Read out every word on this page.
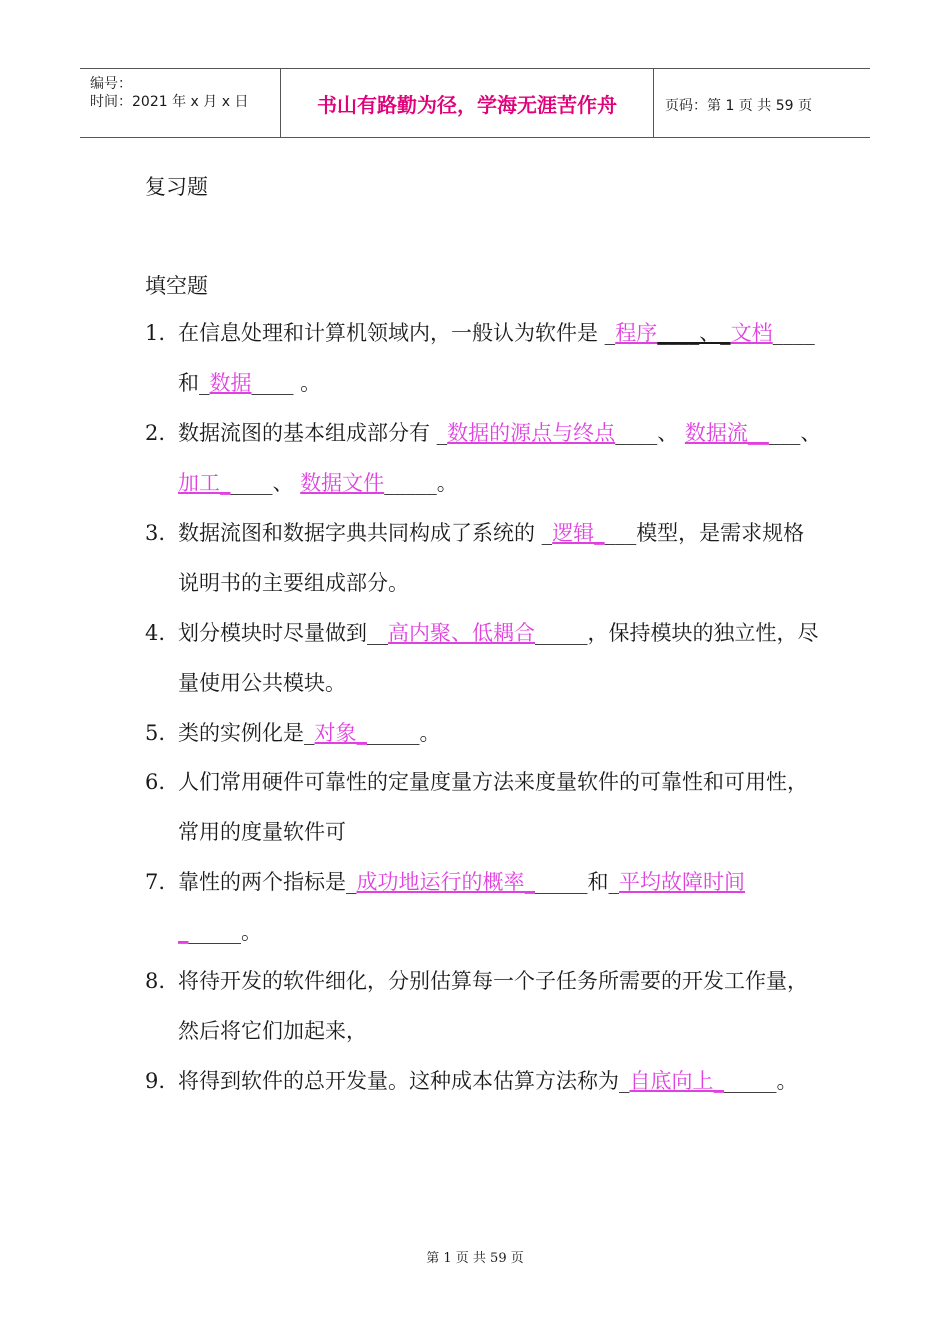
编号：
时间：2021 年 x 月 x 日	书山有路勤为径，学海无涯苦作舟	页码：第 1 页 共 59 页
复习题
填空题
1. 在信息处理和计算机领域内，一般认为软件是 _程序____、_文档____ 和_数据____ 。
2. 数据流图的基本组成部分有 _数据的源点与终点____、 数据流_____、 加工_____、 数据文件_____。
3. 数据流图和数据字典共同构成了系统的 _逻辑____模型，是需求规格说明书的主要组成部分。
4. 划分模块时尽量做到__高内聚、低耦合_____，保持模块的独立性，尽量使用公共模块。
5. 类的实例化是_对象______。
6. 人们常用硬件可靠性的定量度量方法来度量软件的可靠性和可用性，常用的度量软件可
7. 靠性的两个指标是_成功地运行的概率______和_平均故障时间______。
8. 将待开发的软件细化，分别估算每一个子任务所需要的开发工作量，然后将它们加起来，
9. 将得到软件的总开发量。这种成本估算方法称为_自底向上______。
第 1 页 共 59 页
